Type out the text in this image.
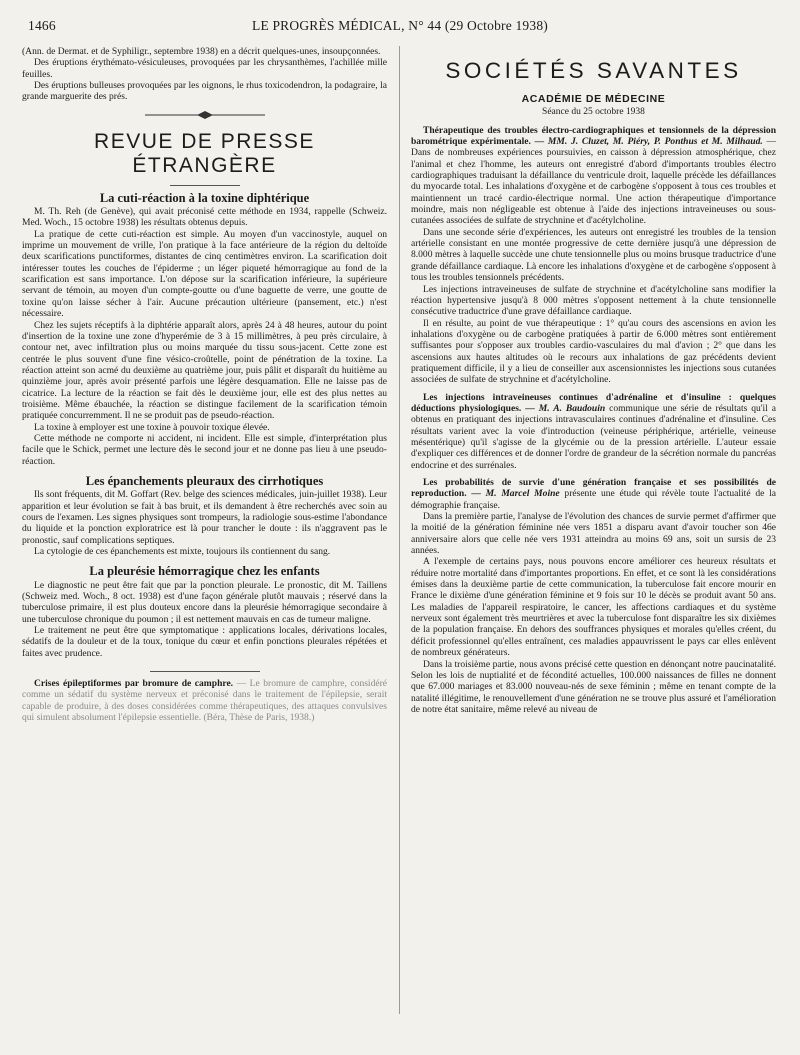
1466	LE PROGRÈS MÉDICAL, N° 44 (29 Octobre 1938)

(Ann. de Dermat. et de Syphiligr., septembre 1938) en a décrit quelques-unes, insoupçonnées.

Des éruptions érythémato-vésiculeuses, provoquées par les chrysanthèmes, l'achillée mille feuilles.

Des éruptions bulleuses provoquées par les oignons, le rhus toxicodendron, la podagraire, la grande marguerite des prés.

REVUE DE PRESSE ÉTRANGÈRE
La cuti-réaction à la toxine diphtérique

M. Th. Reh (de Genève), qui avait préconisé cette méthode en 1934, rappelle (Schweiz. Med. Woch., 15 octobre 1938) les résultats obtenus depuis.

La pratique de cette cuti-réaction est simple. Au moyen d'un vaccinostyle, auquel on imprime un mouvement de vrille, l'on pratique à la face antérieure de la région du deltoïde deux scarifications punctiformes, distantes de cinq centimètres environ. La scarification doit intéresser toutes les couches de l'épiderme ; un léger piqueté hémorragique au fond de la scarification est sans importance. L'on dépose sur la scarification inférieure, la supérieure servant de témoin, au moyen d'un compte-goutte ou d'une baguette de verre, une goutte de toxine qu'on laisse sécher à l'air. Aucune précaution ultérieure (pansement, etc.) n'est nécessaire.

Chez les sujets réceptifs à la diphtérie apparaît alors, après 24 à 48 heures, autour du point d'insertion de la toxine une zone d'hyperémie de 3 à 15 millimètres, à peu près circulaire, à contour net, avec infiltration plus ou moins marquée du tissu sous-jacent. Cette zone est centrée le plus souvent d'une fine vésico-croûtelle, point de pénétration de la toxine. La réaction atteint son acmé du deuxième au quatrième jour, puis pâlit et disparaît du huitième au quinzième jour, après avoir présenté parfois une légère desquamation. Elle ne laisse pas de cicatrice. La lecture de la réaction se fait dès le deuxième jour, elle est des plus nettes au troisième. Même ébauchée, la réaction se distingue facilement de la scarification témoin pratiquée concurremment. Il ne se produit pas de pseudo-réaction.

La toxine à employer est une toxine à pouvoir toxique élevée.

Cette méthode ne comporte ni accident, ni incident. Elle est simple, d'interprétation plus facile que le Schick, permet une lecture dès le second jour et ne donne pas lieu à une pseudo-réaction.

Les épanchements pleuraux des cirrhotiques

Ils sont fréquents, dit M. Goffart (Rev. belge des sciences médicales, juin-juillet 1938). Leur apparition et leur évolution se fait à bas bruit, et ils demandent à être recherchés avec soin au cours de l'examen. Les signes physiques sont trompeurs, la radiologie sous-estime l'abondance du liquide et la ponction exploratrice est là pour trancher le doute : ils n'aggravent pas le pronostic, sauf complications septiques.

La cytologie de ces épanchements est mixte, toujours ils contiennent du sang.

La pleurésie hémorragique chez les enfants

Le diagnostic ne peut être fait que par la ponction pleurale. Le pronostic, dit M. Taillens (Schweiz med. Woch., 8 oct. 1938) est d'une façon générale plutôt mauvais ; réservé dans la tuberculose primaire, il est plus douteux encore dans la pleurésie hémorragique secondaire à une tuberculose chronique du poumon ; il est nettement mauvais en cas de tumeur maligne.

Le traitement ne peut être que symptomatique : applications locales, dérivations locales, sédatifs de la douleur et de la toux, tonique du cœur et enfin ponctions pleurales répétées et faites avec prudence.

Crises épileptiformes par bromure de camphre. — Le bromure de camphre, considéré comme un sédatif du système nerveux et préconisé dans le traitement de l'épilepsie, serait capable de produire, à des doses considérées comme thérapeutiques, des attaques convulsives qui simulent absolument l'épilepsie essentielle. (Béra, Thèse de Paris, 1938.)

SOCIÉTÉS SAVANTES
ACADÉMIE DE MÉDECINE
Séance du 25 octobre 1938

Thérapeutique des troubles électro-cardiographiques et tensionnels de la dépression barométrique expérimentale. — MM. J. Cluzet, M. Piéry, P. Ponthus et M. Milhaud. — Dans de nombreuses expériences poursuivies, en caisson à dépression atmosphérique, chez l'animal et chez l'homme, les auteurs ont enregistré d'abord d'importants troubles électro cardiographiques traduisant la défaillance du ventricule droit, laquelle précède les défaillances du myocarde total. Les inhalations d'oxygène et de carbogène s'opposent à tous ces troubles et maintiennent un tracé cardio-électrique normal. Une action thérapeutique d'importance moindre, mais non négligeable est obtenue à l'aide des injections intraveineuses ou sous-cutanées associées de sulfate de strychnine et d'acétylcholine.

Dans une seconde série d'expériences, les auteurs ont enregistré les troubles de la tension artérielle consistant en une montée progressive de cette dernière jusqu'à une dépression de 8.000 mètres à laquelle succède une chute tensionnelle plus ou moins brusque traductrice d'une grande défaillance cardiaque. Là encore les inhalations d'oxygène et de carbogène s'opposent à tous les troubles tensionnels précédents.

Les injections intraveineuses de sulfate de strychnine et d'acétylcholine sans modifier la réaction hypertensive jusqu'à 8 000 mètres s'opposent nettement à la chute tensionnelle consécutive traductrice d'une grave défaillance cardiaque.

Il en résulte, au point de vue thérapeutique : 1° qu'au cours des ascensions en avion les inhalations d'oxygène ou de carbogène pratiquées à partir de 6.000 mètres sont entièrement suffisantes pour s'opposer aux troubles cardio-vasculaires du mal d'avion ; 2° que dans les ascensions aux hautes altitudes où le recours aux inhalations de gaz précédents devient pratiquement difficile, il y a lieu de conseiller aux ascensionnistes les injections sous cutanées associées de sulfate de strychnine et d'acétylcholine.

Les injections intraveineuses continues d'adrénaline et d'insuline : quelques déductions physiologiques. — M. A. Baudouin communique une série de résultats qu'il a obtenus en pratiquant des injections intravasculaires continues d'adrénaline et d'insuline. Ces résultats varient avec la voie d'introduction (veineuse périphérique, artérielle, veineuse mésentérique) qu'il s'agisse de la glycémie ou de la pression artérielle. L'auteur essaie d'expliquer ces différences et de donner l'ordre de grandeur de la sécrétion normale du pancréas endocrine et des surrénales.

Les probabilités de survie d'une génération française et ses possibilités de reproduction. — M. Marcel Moine présente une étude qui révèle toute l'actualité de la démographie française.

Dans la première partie, l'analyse de l'évolution des chances de survie permet d'affirmer que la moitié de la génération féminine née vers 1851 a disparu avant d'avoir toucher son 46e anniversaire alors que celle née vers 1931 atteindra au moins 69 ans, soit un sursis de 23 années.

A l'exemple de certains pays, nous pouvons encore améliorer ces heureux résultats et réduire notre mortalité dans d'importantes proportions. En effet, et ce sont là les considérations émises dans la deuxième partie de cette communication, la tuberculose fait encore mourir en France le dixième d'une génération féminine et 9 fois sur 10 le décès se produit avant 50 ans. Les maladies de l'appareil respiratoire, le cancer, les affections cardiaques et du système nerveux sont également très meurtrières et avec la tuberculose font disparaître les six dixièmes de la population française. En dehors des souffrances physiques et morales qu'elles créent, du déficit professionnel qu'elles entraînent, ces maladies appauvrissent le pays car elles enlèvent de nombreux générateurs.

Dans la troisième partie, nous avons précisé cette question en dénonçant notre paucinatalité. Selon les lois de nuptialité et de fécondité actuelles, 100.000 naissances de filles ne donnent que 67.000 mariages et 83.000 nouveau-nés de sexe féminin ; même en tenant compte de la natalité illégitime, le renouvellement d'une génération ne se trouve plus assuré et l'amélioration de notre état sanitaire, même relevé au niveau de
